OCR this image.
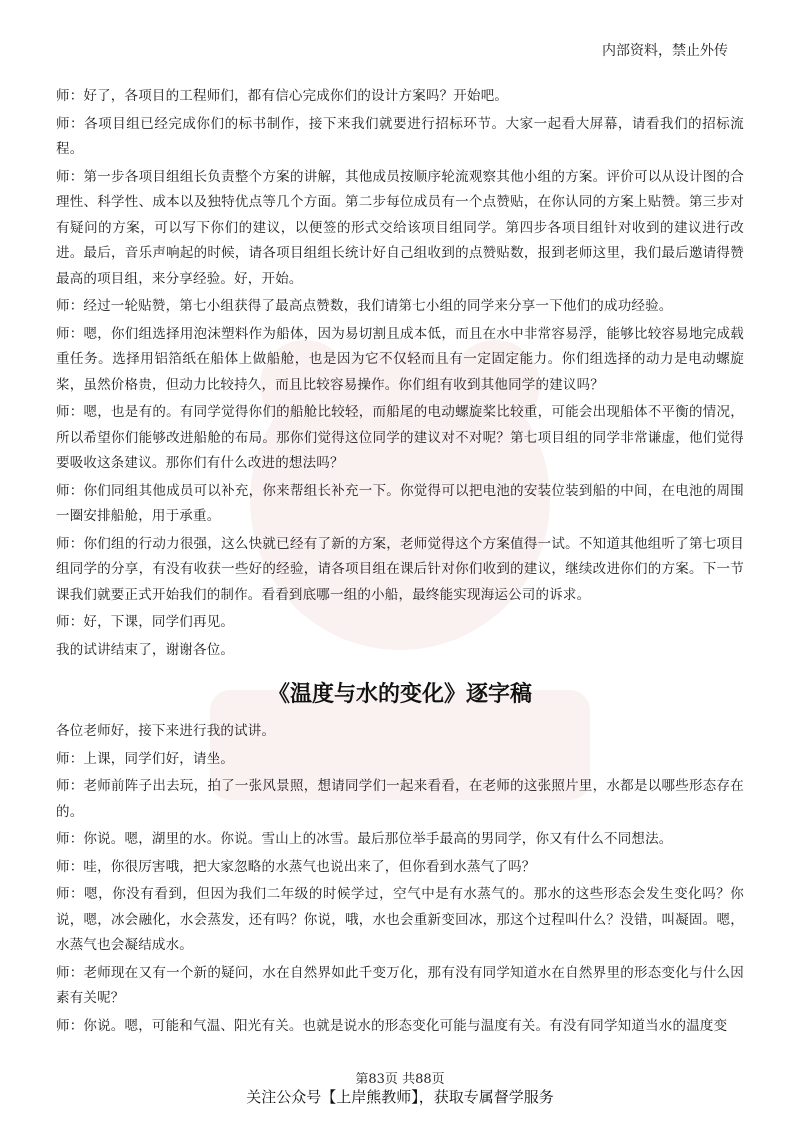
内部资料，禁止外传

师：好了，各项目的工程师们，都有信心完成你们的设计方案吗？开始吧。

师：各项目组已经完成你们的标书制作，接下来我们就要进行招标环节。大家一起看大屏幕，请看我们的招标流程。

师：第一步各项目组组长负责整个方案的讲解，其他成员按顺序轮流观察其他小组的方案。评价可以从设计图的合理性、科学性、成本以及独特优点等几个方面。第二步每位成员有一个点赞贴，在你认同的方案上贴赞。第三步对有疑问的方案，可以写下你们的建议，以便签的形式交给该项目组同学。第四步各项目组针对收到的建议进行改进。最后，音乐声响起的时候，请各项目组组长统计好自己组收到的点赞贴数，报到老师这里，我们最后邀请得赞最高的项目组，来分享经验。好，开始。

师：经过一轮贴赞，第七小组获得了最高点赞数，我们请第七小组的同学来分享一下他们的成功经验。

师：嗯，你们组选择用泡沫塑料作为船体，因为易切割且成本低，而且在水中非常容易浮，能够比较容易地完成载重任务。选择用铝箔纸在船体上做船舱，也是因为它不仅轻而且有一定固定能力。你们组选择的动力是电动螺旋桨，虽然价格贵，但动力比较持久，而且比较容易操作。你们组有收到其他同学的建议吗？

师：嗯，也是有的。有同学觉得你们的船舱比较轻，而船尾的电动螺旋桨比较重，可能会出现船体不平衡的情况，所以希望你们能够改进船舱的布局。那你们觉得这位同学的建议对不对呢？第七项目组的同学非常谦虚，他们觉得要吸收这条建议。那你们有什么改进的想法吗？

师：你们同组其他成员可以补充，你来帮组长补充一下。你觉得可以把电池的安装位装到船的中间，在电池的周围一圈安排船舱，用于承重。

师：你们组的行动力很强，这么快就已经有了新的方案，老师觉得这个方案值得一试。不知道其他组听了第七项目组同学的分享，有没有收获一些好的经验，请各项目组在课后针对你们收到的建议，继续改进你们的方案。下一节课我们就要正式开始我们的制作。看看到底哪一组的小船，最终能实现海运公司的诉求。

师：好，下课，同学们再见。

我的试讲结束了，谢谢各位。

《温度与水的变化》逐字稿

各位老师好，接下来进行我的试讲。

师：上课，同学们好，请坐。

师：老师前阵子出去玩，拍了一张风景照，想请同学们一起来看看，在老师的这张照片里，水都是以哪些形态存在的。

师：你说。嗯，湖里的水。你说。雪山上的冰雪。最后那位举手最高的男同学，你又有什么不同想法。

师：哇，你很厉害哦，把大家忽略的水蒸气也说出来了，但你看到水蒸气了吗？

师：嗯，你没有看到，但因为我们二年级的时候学过，空气中是有水蒸气的。那水的这些形态会发生变化吗？你说，嗯，冰会融化，水会蒸发，还有吗？你说，哦，水也会重新变回冰，那这个过程叫什么？没错，叫凝固。嗯，水蒸气也会凝结成水。

师：老师现在又有一个新的疑问，水在自然界如此千变万化，那有没有同学知道水在自然界里的形态变化与什么因素有关呢？

师：你说。嗯，可能和气温、阳光有关。也就是说水的形态变化可能与温度有关。有没有同学知道当水的温度变

第83页 共88页
关注公众号【上岸熊教师】，获取专属督学服务
